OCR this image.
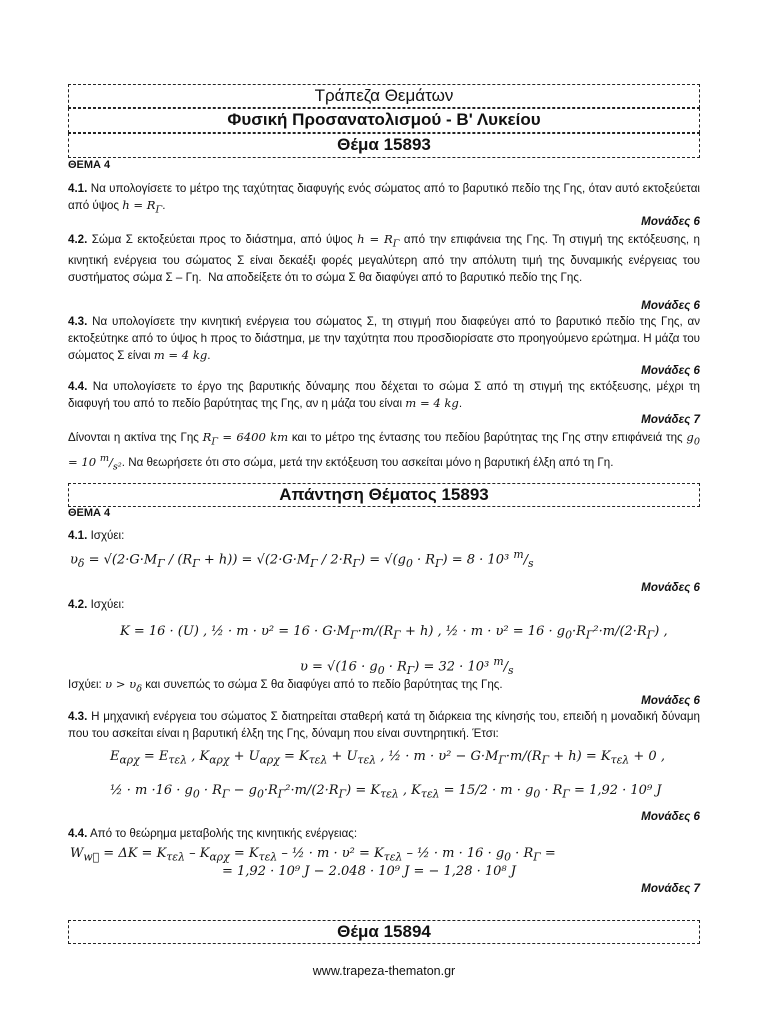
Τράπεζα Θεμάτων
Φυσική Προσανατολισμού - Β' Λυκείου
Θέμα 15893
ΘΕΜΑ 4
4.1. Να υπολογίσετε το μέτρο της ταχύτητας διαφυγής ενός σώματος από το βαρυτικό πεδίο της Γης, όταν αυτό εκτοξεύεται από ύψος $h = R_\Gamma$.
Μονάδες 6
4.2. Σώμα Σ εκτοξεύεται προς το διάστημα, από ύψος $h = R_\Gamma$ από την επιφάνεια της Γης. Τη στιγμή της εκτόξευσης, η κινητική ενέργεια του σώματος Σ είναι δεκαέξι φορές μεγαλύτερη από την απόλυτη τιμή της δυναμικής ενέργειας του συστήματος σώμα Σ – Γη.  Να αποδείξετε ότι το σώμα Σ θα διαφύγει από το βαρυτικό πεδίο της Γης.
Μονάδες 6
4.3. Να υπολογίσετε την κινητική ενέργεια του σώματος Σ, τη στιγμή που διαφεύγει από το βαρυτικό πεδίο της Γης, αν εκτοξεύτηκε από το ύψος h προς το διάστημα, με την ταχύτητα που προσδιορίσατε στο προηγούμενο ερώτημα. Η μάζα του σώματος Σ είναι m = 4 kg.
Μονάδες 6
4.4. Να υπολογίσετε το έργο της βαρυτικής δύναμης που δέχεται το σώμα Σ από τη στιγμή της εκτόξευσης, μέχρι τη διαφυγή του από το πεδίο βαρύτητας της Γης, αν η μάζα του είναι m = 4 kg.
Μονάδες 7
Δίνονται η ακτίνα της Γης $R_\Gamma = 6400$ km και το μέτρο της έντασης του πεδίου βαρύτητας της Γης στην επιφάνειά της $g_0 = 10$ $^m/_{s^2}$. Να θεωρήσετε ότι στο σώμα, μετά την εκτόξευση του ασκείται μόνο η βαρυτική έλξη από τη Γη.
Απάντηση Θέματος 15893
ΘΕΜΑ 4
4.1. Ισχύει:
$\upsilon_\delta = √(2\cdot G\cdot M_\Gamma / (R_\Gamma + h)) = √(2\cdot G\cdot M_\Gamma / 2\cdot R_\Gamma) = √(g_0 \cdot R_\Gamma) = 8 \cdot 10^3$ $^m/_s$
Μονάδες 6
4.2. Ισχύει:
K = 16 · (U) , ½ · $m \cdot \upsilon^2 = 16 \cdot G\cdot M_\Gamma\cdot m/(R_\Gamma + h)$ , ½ · $m \cdot \upsilon^2 = 16 \cdot g_0\cdot R_\Gamma^2\cdot m/(2\cdot R_\Gamma)$ ,
$\upsilon = √(16 \cdot g_0 \cdot R_\Gamma) = 32 \cdot 10^3$ $^m/_s$
Ισχύει: $\upsilon > \upsilon_\delta$ και συνεπώς το σώμα Σ θα διαφύγει από το πεδίο βαρύτητας της Γης.
Μονάδες 6
4.3. Η μηχανική ενέργεια του σώματος Σ διατηρείται σταθερή κατά τη διάρκεια της κίνησής του, επειδή η μοναδική δύναμη που του ασκείται είναι η βαρυτική έλξη της Γης, δύναμη που είναι συντηρητική. Έτσι:
$E_{\alpha\rho\chi} = E_{\tau\varepsilon\lambda}$ , $K_{\alpha\rho\chi} + U_{\alpha\rho\chi} = K_{\tau\varepsilon\lambda} + U_{\tau\varepsilon\lambda}$ , ½ · $m \cdot \upsilon^2 - G\cdot M_\Gamma\cdot m/(R_\Gamma + h) = K_{\tau\varepsilon\lambda} + 0$ ,
½ · $m \cdot 16 \cdot g_0 \cdot R_\Gamma - g_0\cdot R_\Gamma^2\cdot m/(2\cdot R_\Gamma) = K_{\tau\varepsilon\lambda}$ , $K_{\tau\varepsilon\lambda} = 15/2 \cdot m \cdot g_0 \cdot R_\Gamma = 1,92 \cdot 10^9$ J
Μονάδες 6
4.4. Από το θεώρημα μεταβολής της κινητικής ενέργειας:
$W_{w⃗} = \Delta K = K_{\tau\varepsilon\lambda} - K_{\alpha\rho\chi} = K_{\tau\varepsilon\lambda}$ – ½ · $m \cdot \upsilon^2 = K_{\tau\varepsilon\lambda}$ – ½ · $m \cdot 16 \cdot g_0 \cdot R_\Gamma$ =
= 1,92 · 10⁹ J − 2.048 · 10⁹ J = − 1,28 · 10⁸ J
Μονάδες 7
Θέμα 15894
www.trapeza-thematon.gr
